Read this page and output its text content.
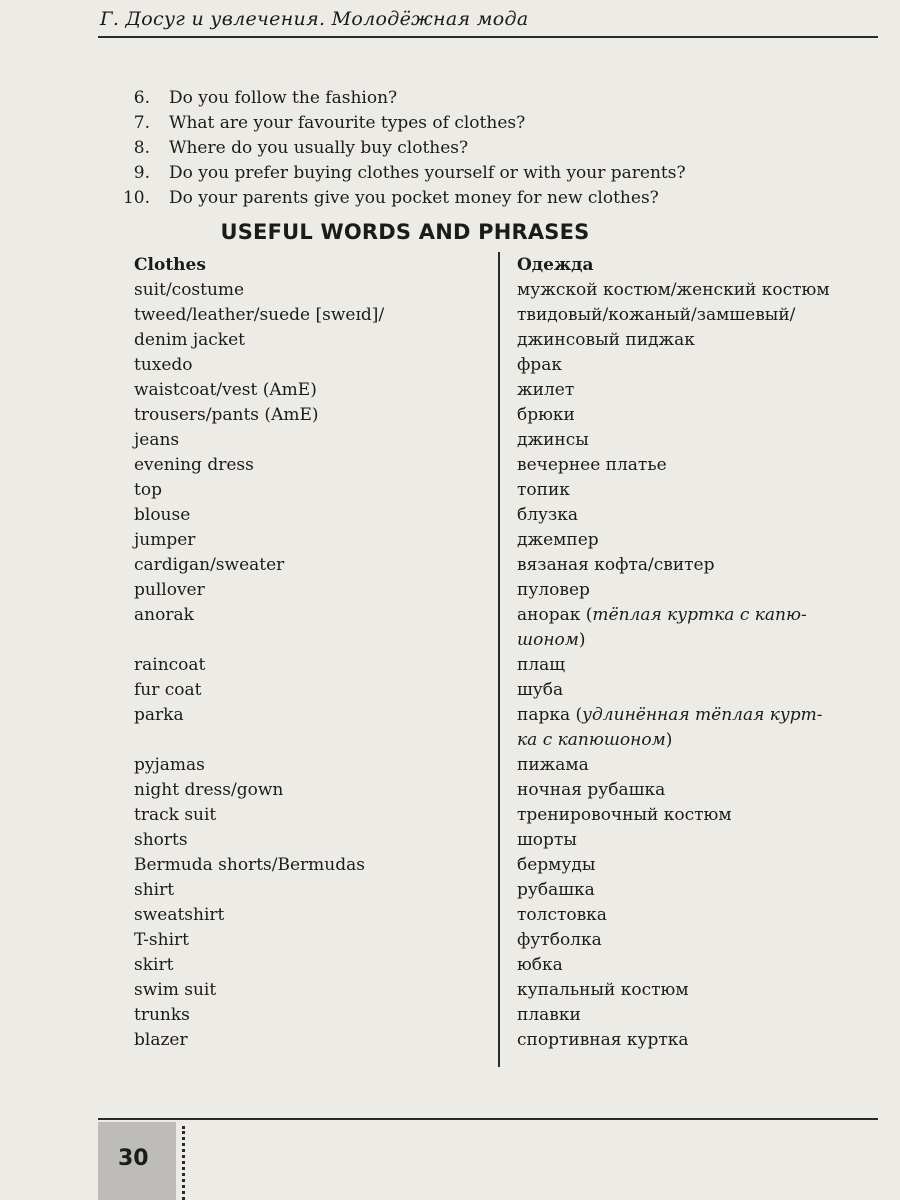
Г. Досуг и увлечения. Молодёжная мода
6. Do you follow the fashion?
7. What are your favourite types of clothes?
8. Where do you usually buy clothes?
9. Do you prefer buying clothes yourself or with your parents?
10. Do your parents give you pocket money for new clothes?
USEFUL WORDS AND PHRASES
Clothes	Одежда
suit/costume	мужской костюм/женский костюм
tweed/leather/suede [sweɪd]/	твидовый/кожаный/замшевый/
denim jacket	джинсовый пиджак
tuxedo	фрак
waistcoat/vest (AmE)	жилет
trousers/pants (AmE)	брюки
jeans	джинсы
evening dress	вечернее платье
top	топик
blouse	блузка
jumper	джемпер
cardigan/sweater	вязаная кофта/свитер
pullover	пуловер
anorak	анорак (тёплая куртка с капю-
шоном)
raincoat	плащ
fur coat	шуба
parka	парка (удлинённая тёплая курт-
ка с капюшоном)
pyjamas	пижама
night dress/gown	ночная рубашка
track suit	тренировочный костюм
shorts	шорты
Bermuda shorts/Bermudas	бермуды
shirt	рубашка
sweatshirt	толстовка
T-shirt	футболка
skirt	юбка
swim suit	купальный костюм
trunks	плавки
blazer	спортивная куртка
30
